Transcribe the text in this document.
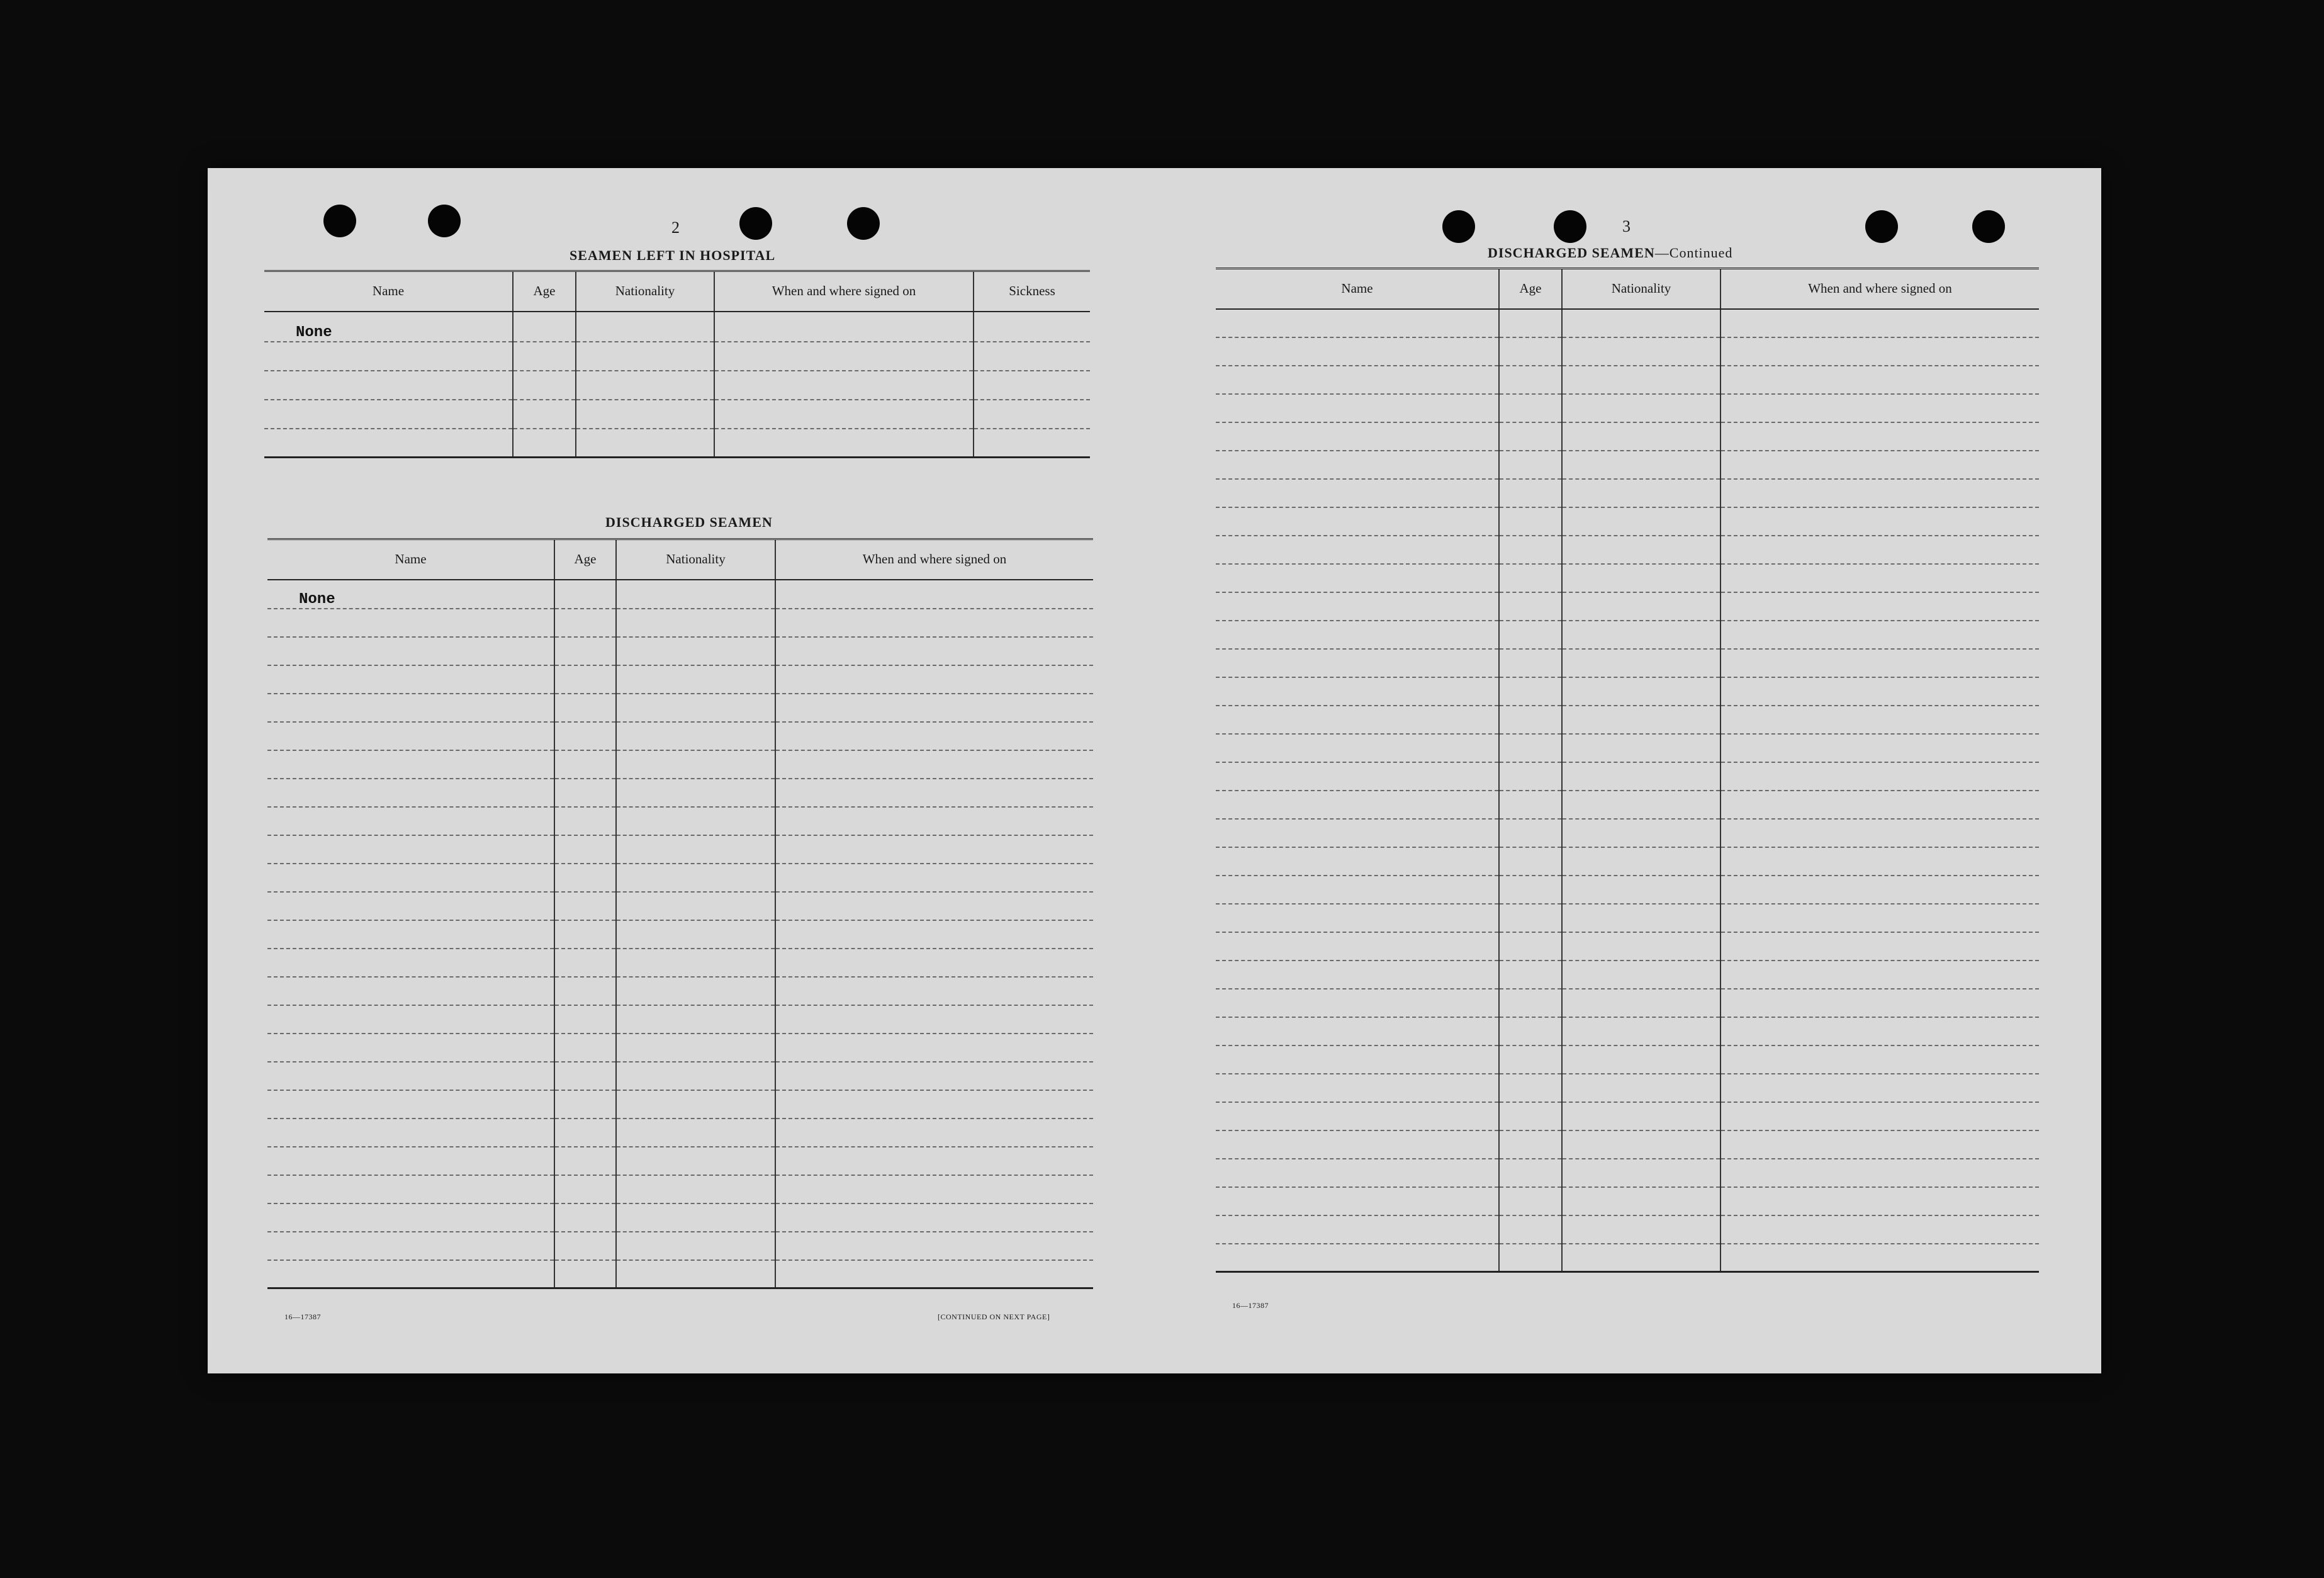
2
SEAMEN LEFT IN HOSPITAL
Name	Age	Nationality	When and where signed on	Sickness
None				

DISCHARGED SEAMEN
Name	Age	Nationality	When and where signed on
None			

16—17387	[CONTINUED ON NEXT PAGE]
3
DISCHARGED SEAMEN—Continued
Name	Age	Nationality	When and where signed on

16—17387
